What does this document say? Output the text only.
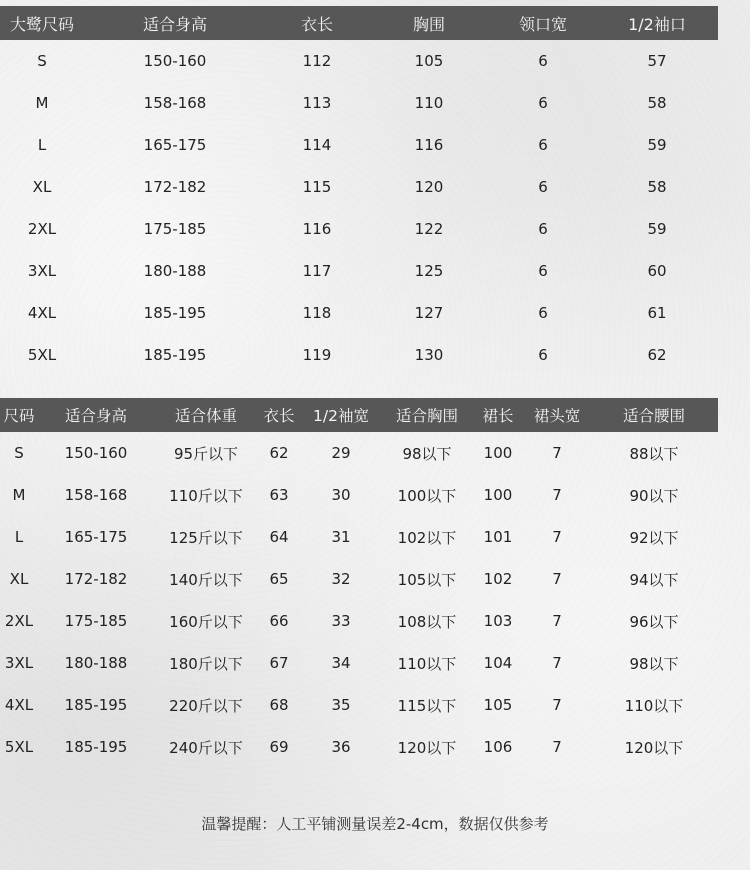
大鹭尺码	适合身高	衣长	胸围	领口宽	1/2袖口
S	150-160	112	105	6	57
M	158-168	113	110	6	58
L	165-175	114	116	6	59
XL	172-182	115	120	6	58
2XL	175-185	116	122	6	59
3XL	180-188	117	125	6	60
4XL	185-195	118	127	6	61
5XL	185-195	119	130	6	62
尺码	适合身高	适合体重	衣长	1/2袖宽	适合胸围	裙长	裙头宽	适合腰围
S	150-160	95斤以下	62	29	98以下	100	7	88以下
M	158-168	110斤以下	63	30	100以下	100	7	90以下
L	165-175	125斤以下	64	31	102以下	101	7	92以下
XL	172-182	140斤以下	65	32	105以下	102	7	94以下
2XL	175-185	160斤以下	66	33	108以下	103	7	96以下
3XL	180-188	180斤以下	67	34	110以下	104	7	98以下
4XL	185-195	220斤以下	68	35	115以下	105	7	110以下
5XL	185-195	240斤以下	69	36	120以下	106	7	120以下
温馨提醒：人工平铺测量误差2-4cm，数据仅供参考
